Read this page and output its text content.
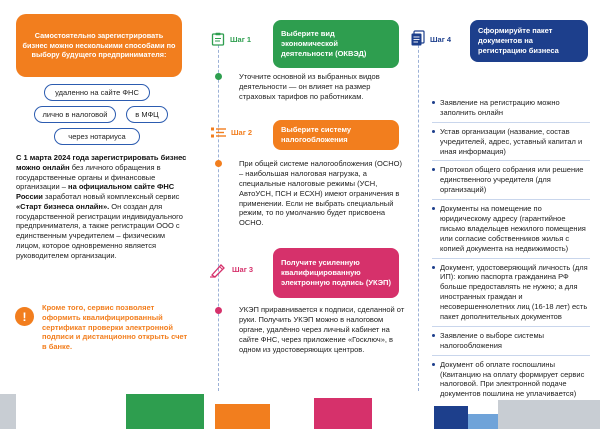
Самостоятельно зарегистрировать бизнес можно несколькими способами по выбору будущего предпринимателя:
удаленно на сайте ФНС
лично в налоговой	в МФЦ
через нотариуса
С 1 марта 2024 года зарегистрировать бизнес можно онлайн без личного обращения в государственные органы и финансовые организации – на официальном сайте ФНС России заработал новый комплексный сервис «Старт бизнеса онлайн». Он создан для государственной регистрации индивидуального предпринимателя, а также регистрации ООО с единственным учредителем – физическим лицом, которое одновременно является руководителем организации.
!
Кроме того, сервис позволяет оформить квалифицированный сертификат проверки электронной подписи и дистанционно открыть счет в банке.
Шаг 1
Выберите вид экономической деятельности (ОКВЭД)
Уточните основной из выбранных видов деятельности — он влияет на размер страховых тарифов по работникам.
Шаг 2	Выберите систему налогообложения
При общей системе налогообложения (ОСНО) – наибольшая налоговая нагрузка, а специальные налоговые режимы (УСН, АвтоУСН, ПСН и ЕСХН) имеют ограничения в применении. Если не выбрать специальный режим, то по умолчанию будет присвоена ОСНО.
Шаг 3
Получите усиленную квалифицированную электронную подпись (УКЭП)
УКЭП приравнивается к подписи, сделанной от руки. Получить УКЭП можно в налоговом органе, удалённо через личный кабинет на сайте ФНС, через приложение «Госключ», в одном из удостоверяющих центров.
Шаг 4
Сформируйте пакет документов на регистрацию бизнеса
Заявление на регистрацию можно заполнить онлайн
Устав организации (название, состав учредителей, адрес, уставный капитал и иная информация)
Протокол общего собрания или решение единственного учредителя (для организаций)
Документы на помещение по юридическому адресу (гарантийное письмо владельцев нежилого помещения или согласие собственников жилья с копией документа на недвижимость)
Документ, удостоверяющий личность (для ИП): копию паспорта гражданина РФ больше предоставлять не нужно; а для иностранных граждан и несовершеннолетних лиц (16-18 лет) есть пакет дополнительных документов
Заявление о выборе системы налогообложения
Документ об оплате госпошлины (Квитанцию на оплату формирует сервис налоговой. При электронной подаче документов пошлина не уплачивается)
